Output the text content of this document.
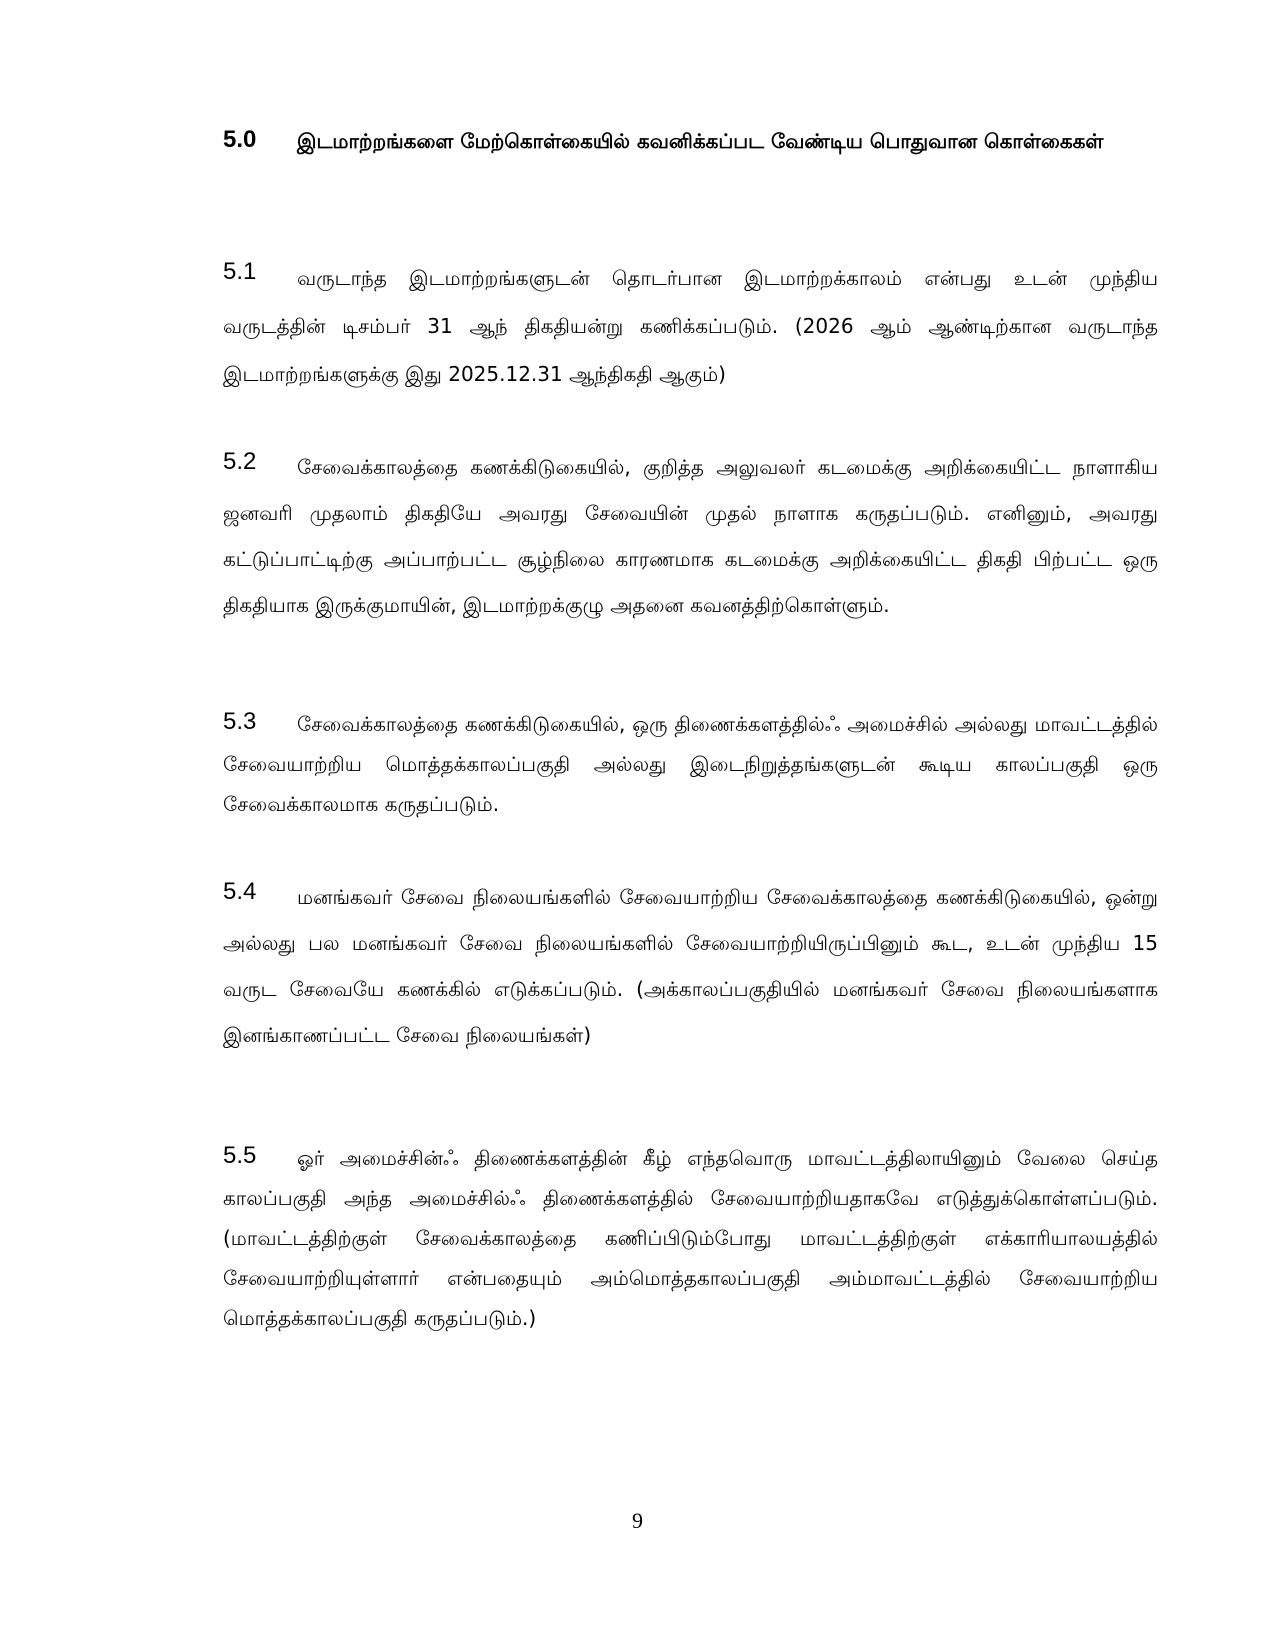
5.0 இடமாற்றங்களை மேற்கொள்கையில் கவனிக்கப்பட வேண்டிய பொதுவான கொள்கைகள்
5.1	வருடாந்த இடமாற்றங்களுடன் தொடர்பான இடமாற்றக்காலம் என்பது உடன் முந்திய வருடத்தின் டிசம்பர் 31 ஆந் திகதியன்று கணிக்கப்படும். (2026 ஆம் ஆண்டிற்கான வருடாந்த இடமாற்றங்களுக்கு இது 2025.12.31 ஆந்திகதி ஆகும்)
5.2	சேவைக்காலத்தை கணக்கிடுகையில், குறித்த அலுவலர் கடமைக்கு அறிக்கையிட்ட நாளாகிய ஜனவரி முதலாம் திகதியே அவரது சேவையின் முதல் நாளாக கருதப்படும். எனினும், அவரது கட்டுப்பாட்டிற்கு அப்பாற்பட்ட சூழ்நிலை காரணமாக கடமைக்கு அறிக்கையிட்ட திகதி பிற்பட்ட ஒரு திகதியாக இருக்குமாயின், இடமாற்றக்குழு அதனை கவனத்திற்கொள்ளும்.
5.3	சேவைக்காலத்தை கணக்கிடுகையில், ஒரு திணைக்களத்தில்ஃ அமைச்சில் அல்லது மாவட்டத்தில் சேவையாற்றிய மொத்தக்காலப்பகுதி அல்லது இடைநிறுத்தங்களுடன் கூடிய காலப்பகுதி ஒரு சேவைக்காலமாக கருதப்படும்.
5.4	மனங்கவர் சேவை நிலையங்களில் சேவையாற்றிய சேவைக்காலத்தை கணக்கிடுகையில், ஒன்று அல்லது பல மனங்கவர் சேவை நிலையங்களில் சேவையாற்றியிருப்பினும் கூட, உடன் முந்திய 15 வருட சேவையே கணக்கில் எடுக்கப்படும். (அக்காலப்பகுதியில் மனங்கவர் சேவை நிலையங்களாக இனங்காணப்பட்ட சேவை நிலையங்கள்)
5.5	ஓர் அமைச்சின்ஃ திணைக்களத்தின் கீழ் எந்தவொரு மாவட்டத்திலாயினும் வேலை செய்த காலப்பகுதி அந்த அமைச்சில்ஃ திணைக்களத்தில் சேவையாற்றியதாகவே எடுத்துக்கொள்ளப்படும். (மாவட்டத்திற்குள் சேவைக்காலத்தை கணிப்பிடும்போது மாவட்டத்திற்குள் எக்காரியாலயத்தில் சேவையாற்றியுள்ளார் என்பதையும் அம்மொத்தகாலப்பகுதி அம்மாவட்டத்தில் சேவையாற்றிய மொத்தக்காலப்பகுதி கருதப்படும்.)
9
